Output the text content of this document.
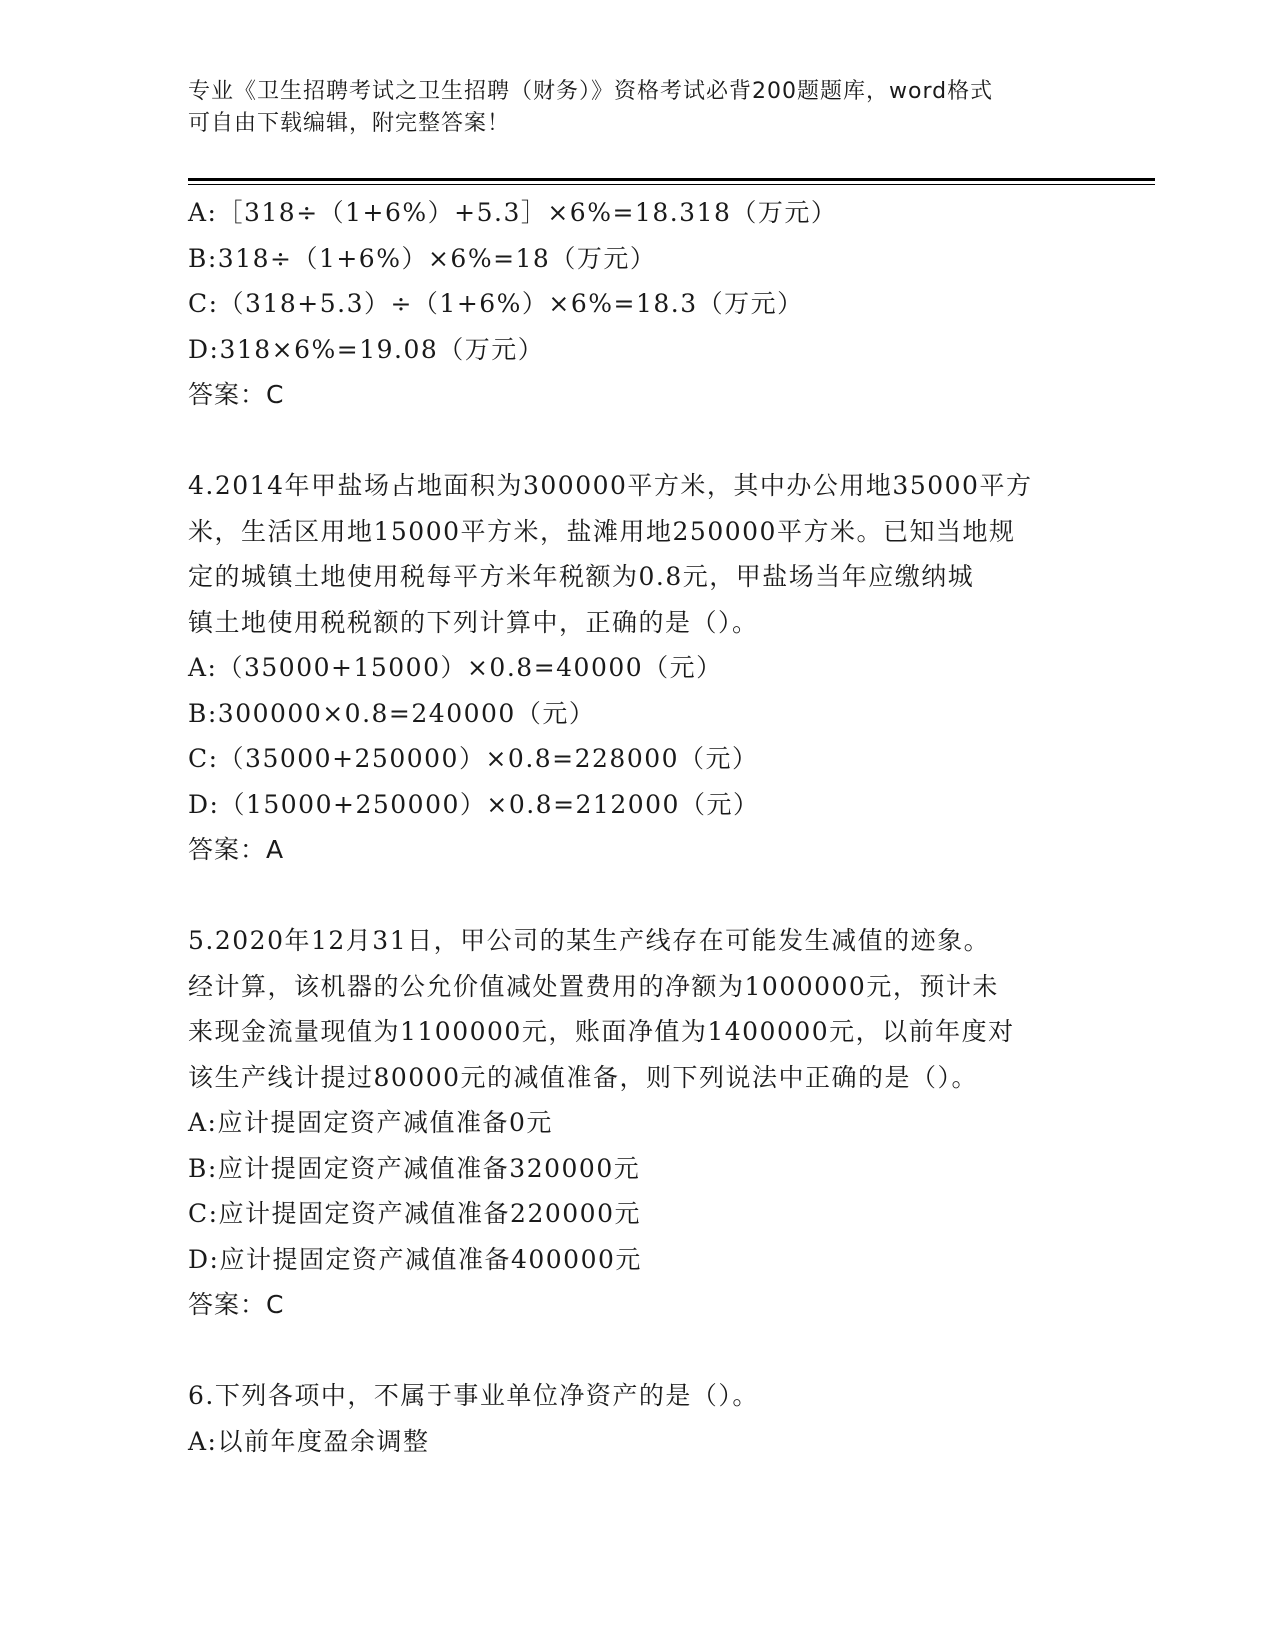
专业《卫生招聘考试之卫生招聘（财务）》资格考试必背200题题库，word格式
可自由下载编辑，附完整答案！
A:［318÷（1+6%）+5.3］×6%=18.318（万元）
B:318÷（1+6%）×6%=18（万元）
C:（318+5.3）÷（1+6%）×6%=18.3（万元）
D:318×6%=19.08（万元）
答案：C
4.2014年甲盐场占地面积为300000平方米，其中办公用地35000平方
米，生活区用地15000平方米，盐滩用地250000平方米。已知当地规
定的城镇土地使用税每平方米年税额为0.8元，甲盐场当年应缴纳城
镇土地使用税税额的下列计算中，正确的是（）。
A:（35000+15000）×0.8=40000（元）
B:300000×0.8=240000（元）
C:（35000+250000）×0.8=228000（元）
D:（15000+250000）×0.8=212000（元）
答案：A
5.2020年12月31日，甲公司的某生产线存在可能发生减值的迹象。
经计算，该机器的公允价值减处置费用的净额为1000000元，预计未
来现金流量现值为1100000元，账面净值为1400000元，以前年度对
该生产线计提过80000元的减值准备，则下列说法中正确的是（）。
A:应计提固定资产减值准备0元
B:应计提固定资产减值准备320000元
C:应计提固定资产减值准备220000元
D:应计提固定资产减值准备400000元
答案：C
6.下列各项中，不属于事业单位净资产的是（）。
A:以前年度盈余调整
